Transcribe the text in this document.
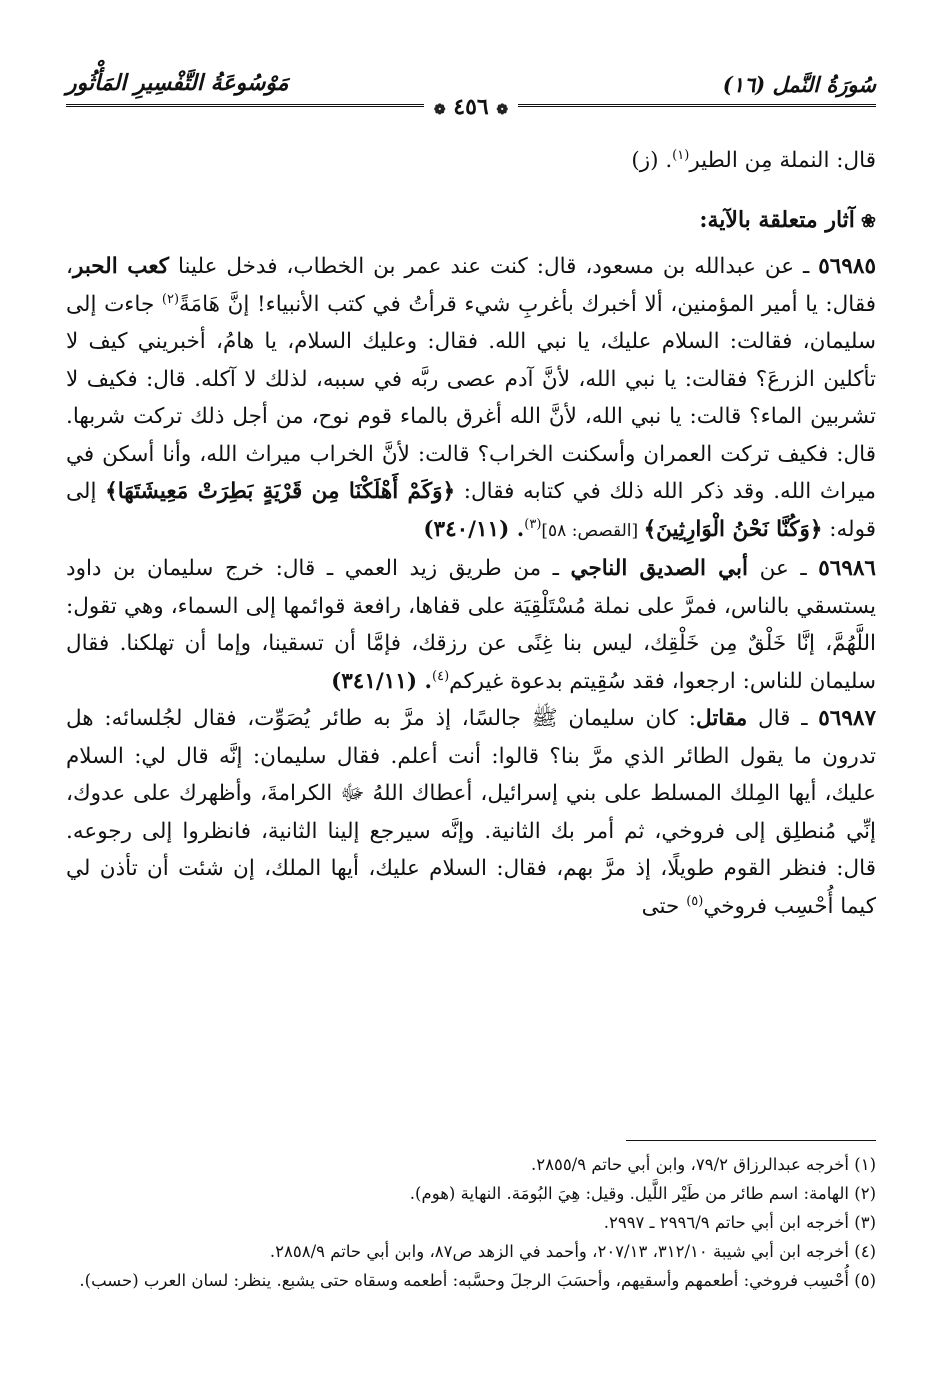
سُورَةُ النَّمل (١٦)
مَوْسُوعَةُ التَّفْسِيرِ المَأْثُور
❁ ٤٥٦ ❁

قال: النملة مِن الطير$^{(١)}$. (ز)

❀آثار متعلقة بالآية:

٥٦٩٨٥ ـ عن عبدالله بن مسعود، قال: كنت عند عمر بن الخطاب، فدخل علينا كعب الحبر، فقال: يا أمير المؤمنين، ألا أخبرك بأغربِ شيء قرأتُ في كتب الأنبياء! إنَّ هَامَةً$^{(٢)}$ جاءت إلى سليمان، فقالت: السلام عليك، يا نبي الله. فقال: وعليك السلام، يا هامُ، أخبريني كيف لا تأكلين الزرعَ؟ فقالت: يا نبي الله، لأنَّ آدم عصى ربَّه في سببه، لذلك لا آكله. قال: فكيف لا تشربين الماء؟ قالت: يا نبي الله، لأنَّ الله أغرق بالماء قوم نوح، من أجل ذلك تركت شربها. قال: فكيف تركت العمران وأسكنت الخراب؟ قالت: لأنَّ الخراب ميراث الله، وأنا أسكن في ميراث الله. وقد ذكر الله ذلك في كتابه فقال: ﴿وَكَمْ أَهْلَكْنَا مِن قَرْيَةٍ بَطِرَتْ مَعِيشَتَهَا﴾ إلى قوله: ﴿وَكُنَّا نَحْنُ الْوَارِثِينَ﴾ [القصص: ٥٨]$^{(٣)}$. (٣٤٠/١١)

٥٦٩٨٦ ـ عن أبي الصديق الناجي ـ من طريق زيد العمي ـ قال: خرج سليمان بن داود يستسقي بالناس، فمرَّ على نملة مُسْتَلْقِيَة على قفاها، رافعة قوائمها إلى السماء، وهي تقول: اللَّهُمَّ، إنَّا خَلْقٌ مِن خَلْقِك، ليس بنا غِنًى عن رزقك، فإمَّا أن تسقينا، وإما أن تهلكنا. فقال سليمان للناس: ارجعوا، فقد سُقِيتم بدعوة غيركم$^{(٤)}$. (٣٤١/١١)

٥٦٩٨٧ ـ قال مقاتل: كان سليمان ﷺ جالسًا، إذ مرَّ به طائر يُصَوِّت، فقال لجُلسائه: هل تدرون ما يقول الطائر الذي مرَّ بنا؟ قالوا: أنت أعلم. فقال سليمان: إنَّه قال لي: السلام عليك، أيها المِلك المسلط على بني إسرائيل، أعطاك اللهُ ﷻ الكرامةَ، وأظهرك على عدوك، إنِّي مُنطلِق إلى فروخي، ثم أمر بك الثانية. وإنَّه سيرجع إلينا الثانية، فانظروا إلى رجوعه. قال: فنظر القوم طويلًا، إذ مرَّ بهم، فقال: السلام عليك، أيها الملك، إن شئت أن تأذن لي كيما أُحْسِب فروخي$^{(٥)}$ حتى

(١) أخرجه عبدالرزاق ٧٩/٢، وابن أبي حاتم ٢٨٥٥/٩.
(٢) الهامة: اسم طائر من طَيْر اللَّيل. وقيل: هِيَ البُومَة. النهاية (هوم).
(٣) أخرجه ابن أبي حاتم ٢٩٩٦/٩ ـ ٢٩٩٧.
(٤) أخرجه ابن أبي شيبة ٣١٢/١٠، ٢٠٧/١٣، وأحمد في الزهد ص٨٧، وابن أبي حاتم ٢٨٥٨/٩.
(٥) أُحْسِب فروخي: أطعمهم وأسقيهم، وأحسَبَ الرجلَ وحسَّبه: أطعمه وسقاه حتى يشبع. ينظر: لسان العرب (حسب).
